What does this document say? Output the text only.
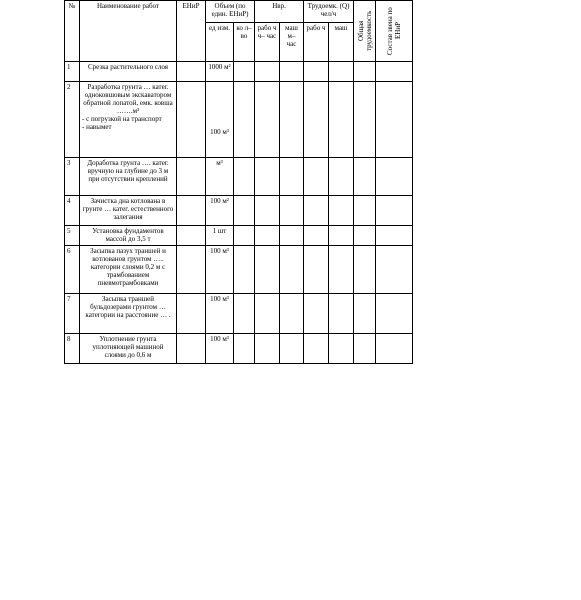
№	Наименование работ	ЕНиР	Объем (по един. ЕНиР)		Нвр.		Трудоемк. (Q) чел/ч		Общая трудоемкость	Состав звена по ЕНиР

			ед изм.	ко л– во	рабо ч ч– час	маш м– час	рабо ч	маш		
1	Срезка растительного слоя		1000 м²							
2	Разработка грунта … катег. одноковшовым экскаватором обратной лопатой, емк. ковша …….м³
- с погрузкой на транспорт
- навымет		100 м³							
3	Доработка грунта …. катег. вручную на глубине до 3 м при отсутствии креплений		м³							
4	Зачистка дна котлована в грунте … катег. естественного залегания		100 м²							
5	Установка фундаментов массой до 3,5 т		1 шт							
6	Засыпка пазух траншей и котлованов грунтом ….. категории слоями 0,2 м с трамбованием пневмотрамбовками		100 м³							
7	Засыпка траншей бульдозерами грунтом … категории на расстояние … .		100 м³							
8	Уплотнение грунта уплотняющей машиной слоями до 0,6 м		100 м³							
